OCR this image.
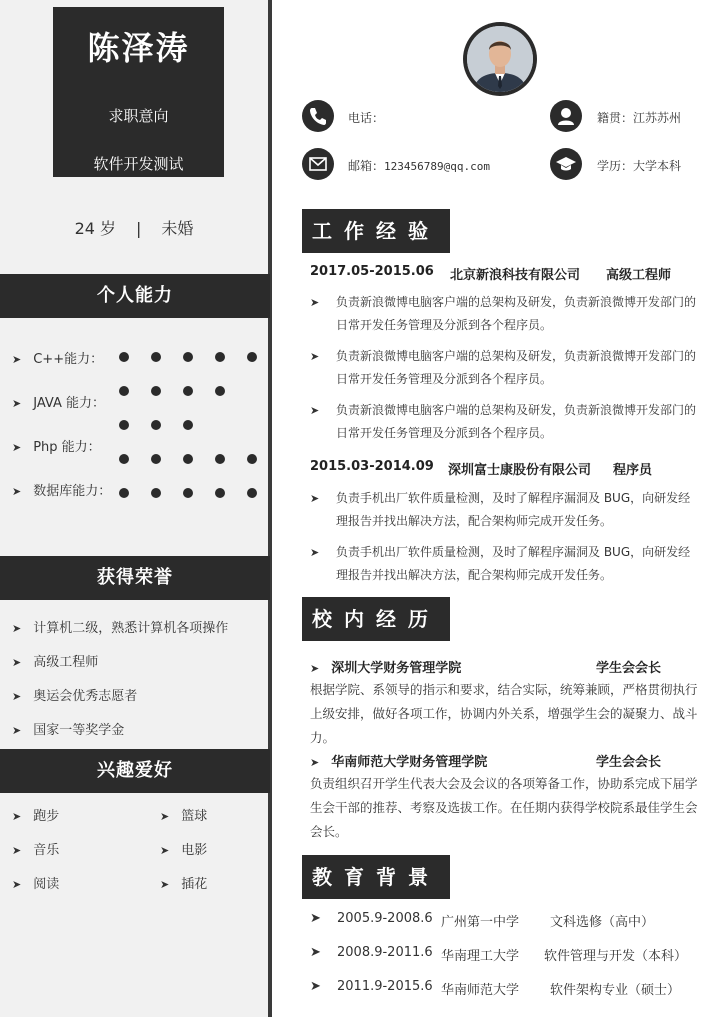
陈泽涛
求职意向
软件开发测试
24 岁 | 未婚
个人能力
➤ C++能力：
➤ JAVA 能力：
➤ Php 能力：
➤ 数据库能力：
获得荣誉
➤ 计算机二级，熟悉计算机各项操作
➤ 高级工程师
➤ 奥运会优秀志愿者
➤ 国家一等奖学金
兴趣爱好
➤ 跑步	➤ 篮球
➤ 音乐	➤ 电影
➤ 阅读	➤ 插花
电话：	籍贯：江苏苏州
邮箱：123456789@qq.com	学历：大学本科
工作经验
2017.05-2015.06 北京新浪科技有限公司 高级工程师
➤ 负责新浪微博电脑客户端的总架构及研发，负责新浪微博开发部门的日常开发任务管理及分派到各个程序员。
➤ 负责新浪微博电脑客户端的总架构及研发，负责新浪微博开发部门的日常开发任务管理及分派到各个程序员。
➤ 负责新浪微博电脑客户端的总架构及研发，负责新浪微博开发部门的日常开发任务管理及分派到各个程序员。
2015.03-2014.09 深圳富士康股份有限公司 程序员
➤ 负责手机出厂软件质量检测，及时了解程序漏洞及 BUG，向研发经理报告并找出解决方法，配合架构师完成开发任务。
➤ 负责手机出厂软件质量检测，及时了解程序漏洞及 BUG，向研发经理报告并找出解决方法，配合架构师完成开发任务。
校内经历
➤ 深圳大学财务管理学院	学生会会长
根据学院、系领导的指示和要求，结合实际，统筹兼顾，严格贯彻执行上级安排，做好各项工作，协调内外关系，增强学生会的凝聚力、战斗力。
➤ 华南师范大学财务管理学院	学生会会长
负责组织召开学生代表大会及会议的各项筹备工作，协助系完成下届学生会干部的推荐、考察及选拔工作。在任期内获得学校院系最佳学生会会长。
教育背景
➤ 2005.9-2008.6 广州第一中学 文科选修（高中）
➤ 2008.9-2011.6 华南理工大学 软件管理与开发（本科）
➤ 2011.9-2015.6 华南师范大学 软件架构专业（硕士）
